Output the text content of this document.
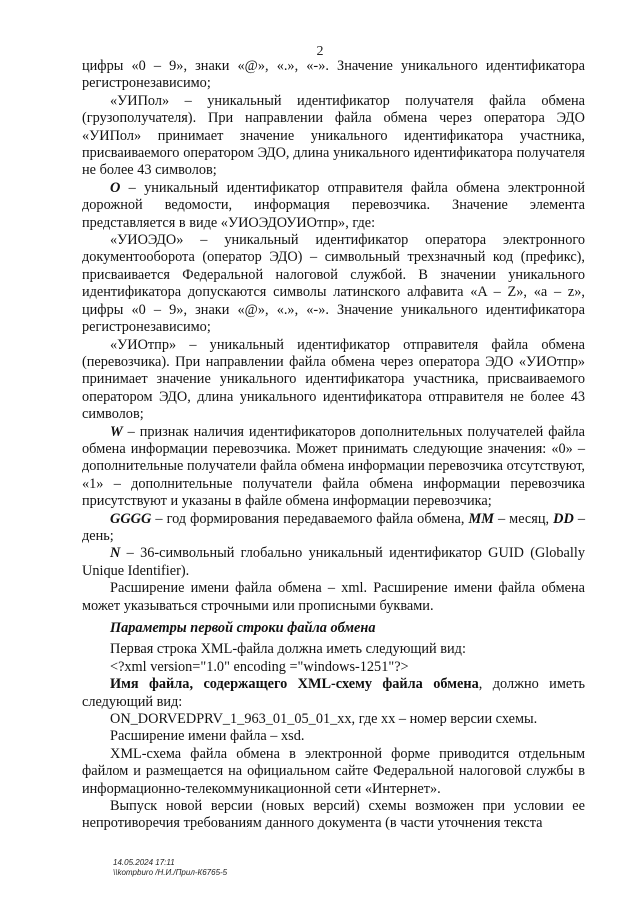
2

цифры «0 – 9», знаки «@», «.», «-». Значение уникального идентификатора регистронезависимо;

«УИПол» – уникальный идентификатор получателя файла обмена (грузополучателя). При направлении файла обмена через оператора ЭДО «УИПол» принимает значение уникального идентификатора участника, присваиваемого оператором ЭДО, длина уникального идентификатора получателя не более 43 символов;

О – уникальный идентификатор отправителя файла обмена электронной дорожной ведомости, информация перевозчика. Значение элемента представляется в виде «УИОЭДОУИОтпр», где:

«УИОЭДО» – уникальный идентификатор оператора электронного документооборота (оператор ЭДО) – символьный трехзначный код (префикс), присваивается Федеральной налоговой службой. В значении уникального идентификатора допускаются символы латинского алфавита «A – Z», «a – z», цифры «0 – 9», знаки «@», «.», «-». Значение уникального идентификатора регистронезависимо;

«УИОтпр» – уникальный идентификатор отправителя файла обмена (перевозчика). При направлении файла обмена через оператора ЭДО «УИОтпр» принимает значение уникального идентификатора участника, присваиваемого оператором ЭДО, длина уникального идентификатора отправителя не более 43 символов;

W – признак наличия идентификаторов дополнительных получателей файла обмена информации перевозчика. Может принимать следующие значения: «0» – дополнительные получатели файла обмена информации перевозчика отсутствуют, «1» – дополнительные получатели файла обмена информации перевозчика присутствуют и указаны в файле обмена информации перевозчика;

GGGG – год формирования передаваемого файла обмена, ММ – месяц, DD – день;

N – 36-символьный глобально уникальный идентификатор GUID (Globally Unique Identifier).

Расширение имени файла обмена – xml. Расширение имени файла обмена может указываться строчными или прописными буквами.

Параметры первой строки файла обмена

Первая строка XML-файла должна иметь следующий вид:

<?xml version="1.0" encoding ="windows-1251"?>

Имя файла, содержащего XML-схему файла обмена, должно иметь следующий вид:

ON_DORVEDPRV_1_963_01_05_01_xx, где хх – номер версии схемы.

Расширение имени файла – xsd.

XML-схема файла обмена в электронной форме приводится отдельным файлом и размещается на официальном сайте Федеральной налоговой службы в информационно-телекоммуникационной сети «Интернет».

Выпуск новой версии (новых версий) схемы возможен при условии ее непротиворечия требованиям данного документа (в части уточнения текста

14.05.2024 17:11
\\kompburo /Н.И./Прил-К6765-5
